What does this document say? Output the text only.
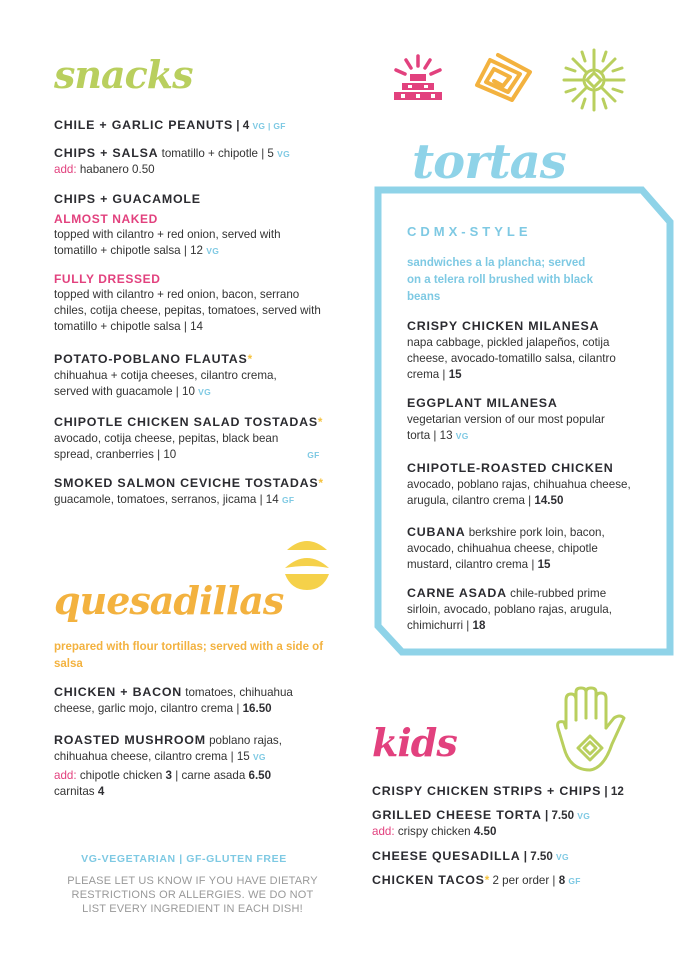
snacks
CHILE + GARLIC PEANUTS | 4 VG | GF
CHIPS + SALSA tomatillo + chipotle | 5 VG
add: habanero 0.50
CHIPS + GUACAMOLE
ALMOST NAKED
topped with cilantro + red onion, served with tomatillo + chipotle salsa | 12 VG
FULLY DRESSED
topped with cilantro + red onion, bacon, serrano chiles, cotija cheese, pepitas, tomatoes, served with tomatillo + chipotle salsa | 14
POTATO-POBLANO FLAUTAS*
chihuahua + cotija cheeses, cilantro crema, served with guacamole | 10 VG
CHIPOTLE CHICKEN SALAD TOSTADAS*
avocado, cotija cheese, pepitas, black bean spread, cranberries | 10	GF
SMOKED SALMON CEVICHE TOSTADAS*
guacamole, tomatoes, serranos, jicama | 14 GF
quesadillas
prepared with flour tortillas; served with a side of salsa
CHICKEN + BACON tomatoes, chihuahua cheese, garlic mojo, cilantro crema | 16.50
ROASTED MUSHROOM poblano rajas, chihuahua cheese, cilantro crema | 15 VG
add: chipotle chicken 3 | carne asada 6.50
carnitas 4
VG-VEGETARIAN | GF-GLUTEN FREE
PLEASE LET US KNOW IF YOU HAVE DIETARY RESTRICTIONS OR ALLERGIES. WE DO NOT LIST EVERY INGREDIENT IN EACH DISH!
tortas
CDMX-STYLE
sandwiches a la plancha; served on a telera roll brushed with black beans
CRISPY CHICKEN MILANESA
napa cabbage, pickled jalapeños, cotija cheese, avocado-tomatillo salsa, cilantro crema | 15
EGGPLANT MILANESA
vegetarian version of our most popular torta | 13 VG
CHIPOTLE-ROASTED CHICKEN
avocado, poblano rajas, chihuahua cheese, arugula, cilantro crema | 14.50
CUBANA berkshire pork loin, bacon, avocado, chihuahua cheese, chipotle mustard, cilantro crema | 15
CARNE ASADA chile-rubbed prime sirloin, avocado, poblano rajas, arugula, chimichurri | 18
kids
CRISPY CHICKEN STRIPS + CHIPS | 12
GRILLED CHEESE TORTA | 7.50 VG
add: crispy chicken 4.50
CHEESE QUESADILLA | 7.50 VG
CHICKEN TACOS* 2 per order | 8 GF
